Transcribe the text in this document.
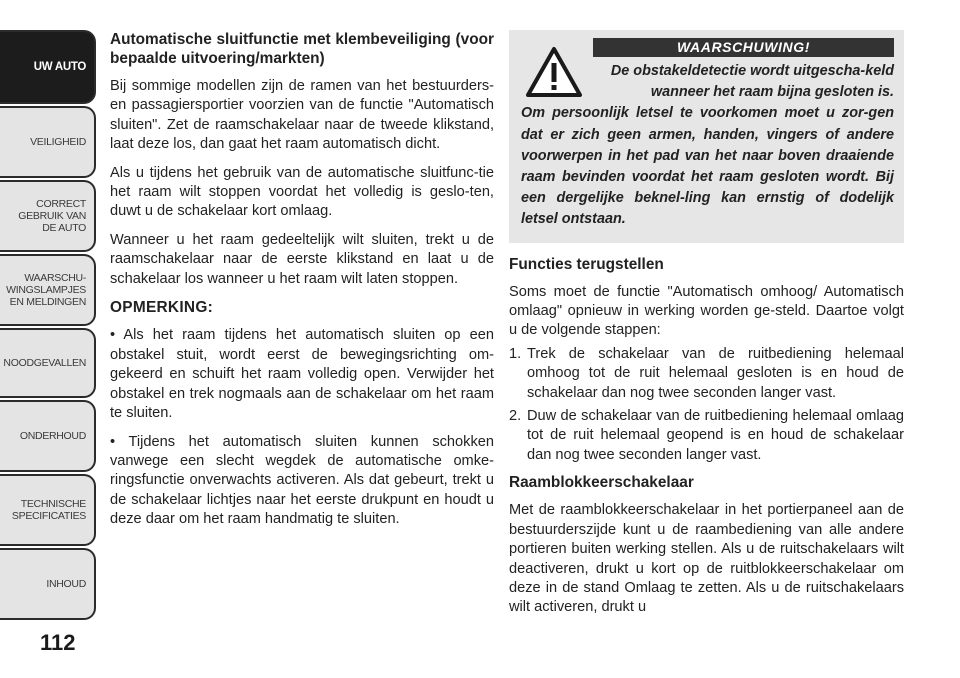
UW AUTO
VEILIGHEID
CORRECT
GEBRUIK VAN
DE AUTO
WAARSCHU-
WINGSLAMPJES
EN MELDINGEN
NOODGEVALLEN
ONDERHOUD
TECHNISCHE
SPECIFICATIES
INHOUD
112

Automatische sluitfunctie met klembeveiliging (voor bepaalde uitvoering/markten)

Bij sommige modellen zijn de ramen van het bestuurders- en passagiersportier voorzien van de functie "Automatisch sluiten". Zet de raamschakelaar naar de tweede klikstand, laat deze los, dan gaat het raam automatisch dicht.

Als u tijdens het gebruik van de automatische sluitfunc-tie het raam wilt stoppen voordat het volledig is geslo-ten, duwt u de schakelaar kort omlaag.

Wanneer u het raam gedeeltelijk wilt sluiten, trekt u de raamschakelaar naar de eerste klikstand en laat u de schakelaar los wanneer u het raam wilt laten stoppen.

OPMERKING:

• Als het raam tijdens het automatisch sluiten op een obstakel stuit, wordt eerst de bewegingsrichting om-gekeerd en schuift het raam volledig open. Verwijder het obstakel en trek nogmaals aan de schakelaar om het raam te sluiten.

• Tijdens het automatisch sluiten kunnen schokken vanwege een slecht wegdek de automatische omke-ringsfunctie onverwachts activeren. Als dat gebeurt, trekt u de schakelaar lichtjes naar het eerste drukpunt en houdt u deze daar om het raam handmatig te sluiten.

WAARSCHUWING!
De obstakeldetectie wordt uitgescha-keld wanneer het raam bijna gesloten is.
Om persoonlijk letsel te voorkomen moet u zor-gen dat er zich geen armen, handen, vingers of andere voorwerpen in het pad van het naar boven draaiende raam bevinden voordat het raam gesloten wordt. Bij een dergelijke beknel-ling kan ernstig of dodelijk letsel ontstaan.

Functies terugstellen

Soms moet de functie "Automatisch omhoog/ Automatisch omlaag" opnieuw in werking worden ge-steld. Daartoe volgt u de volgende stappen:

1. Trek de schakelaar van de ruitbediening helemaal omhoog tot de ruit helemaal gesloten is en houd de schakelaar dan nog twee seconden langer vast.
2. Duw de schakelaar van de ruitbediening helemaal omlaag tot de ruit helemaal geopend is en houd de schakelaar dan nog twee seconden langer vast.

Raamblokkeerschakelaar

Met de raamblokkeerschakelaar in het portierpaneel aan de bestuurderszijde kunt u de raambediening van alle andere portieren buiten werking stellen. Als u de ruitschakelaars wilt deactiveren, drukt u kort op de ruitblokkeerschakelaar om deze in de stand Omlaag te zetten. Als u de ruitschakelaars wilt activeren, drukt u
